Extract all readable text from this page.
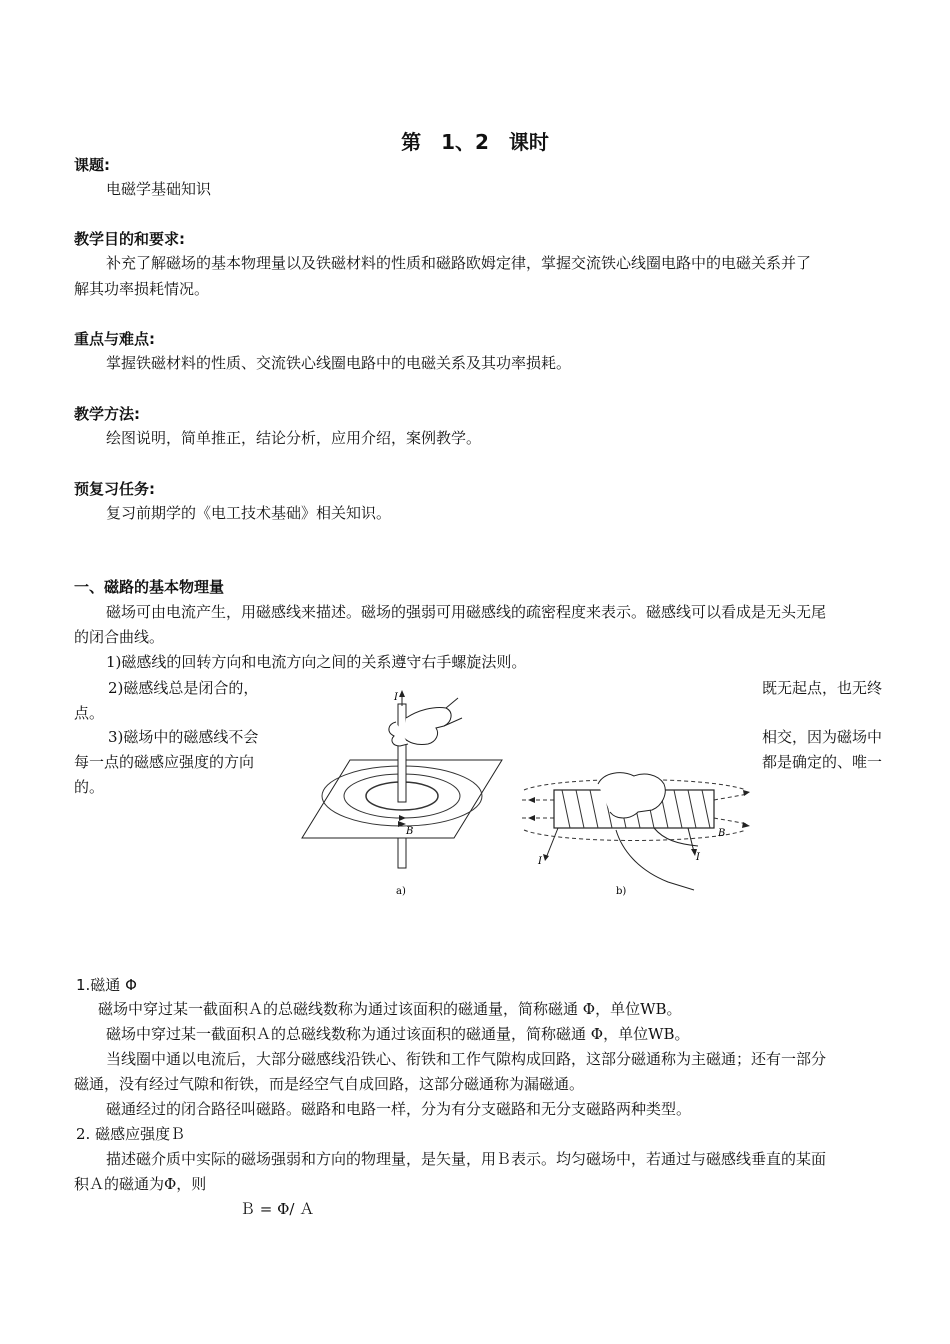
第　1、2　课时
课题:
电磁学基础知识
教学目的和要求:
补充了解磁场的基本物理量以及铁磁材料的性质和磁路欧姆定律，掌握交流铁心线圈电路中的电磁关系并了
解其功率损耗情况。
重点与难点:
掌握铁磁材料的性质、交流铁心线圈电路中的电磁关系及其功率损耗。
教学方法:
绘图说明，简单推正，结论分析，应用介绍，案例教学。
预复习任务:
复习前期学的《电工技术基础》相关知识。
一、磁路的基本物理量
磁场可由电流产生，用磁感线来描述。磁场的强弱可用磁感线的疏密程度来表示。磁感线可以看成是无头无尾
的闭合曲线。
1)磁感线的回转方向和电流方向之间的关系遵守右手螺旋法则。
2)磁感线总是闭合的，	既无起点，也无终
点。
3)磁场中的磁感线不会	相交，因为磁场中
每一点的磁感应强度的方向	都是确定的、唯一
的。
I
B
a)
I	I
B
b)
1.磁通 Φ
磁场中穿过某一截面积Ａ的总磁线数称为通过该面积的磁通量，简称磁通 Φ，单位WB。
磁场中穿过某一截面积Ａ的总磁线数称为通过该面积的磁通量，简称磁通 Φ，单位WB。
当线圈中通以电流后，大部分磁感线沿铁心、衔铁和工作气隙构成回路，这部分磁通称为主磁通；还有一部分
磁通，没有经过气隙和衔铁，而是经空气自成回路，这部分磁通称为漏磁通。
磁通经过的闭合路径叫磁路。磁路和电路一样，分为有分支磁路和无分支磁路两种类型。
2. 磁感应强度Ｂ
描述磁介质中实际的磁场强弱和方向的物理量，是矢量，用Ｂ表示。均匀磁场中，若通过与磁感线垂直的某面
积Ａ的磁通为Φ，则
Ｂ = Φ/ Ａ
